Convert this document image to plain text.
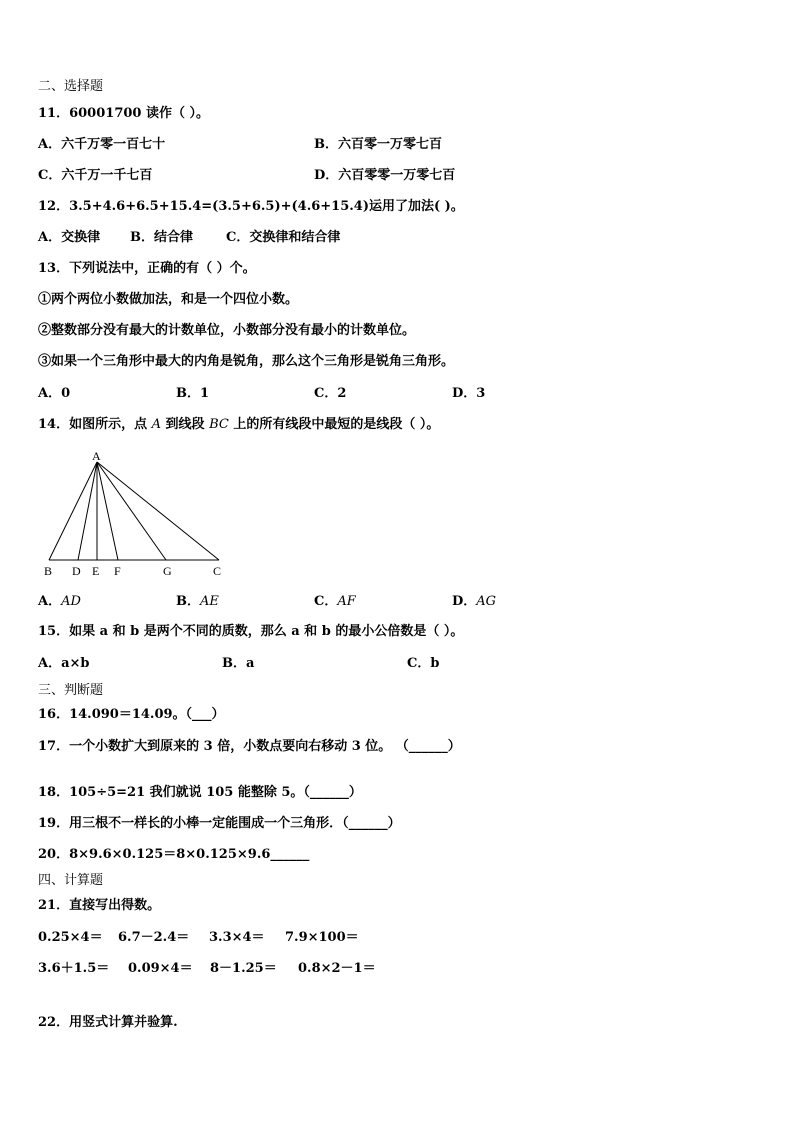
二、选择题
11．60001700 读作（ ）。
A．六千万零一百七十	B．六百零一万零七百
C．六千万一千七百	D．六百零零一万零七百
12．3.5+4.6+6.5+15.4=(3.5+6.5)+(4.6+15.4)运用了加法( )。
A．交换律 B．结合律	C．交换律和结合律
13．下列说法中，正确的有（ ）个。
①两个两位小数做加法，和是一个四位小数。
②整数部分没有最大的计数单位，小数部分没有最小的计数单位。
③如果一个三角形中最大的内角是锐角，那么这个三角形是锐角三角形。
A．0	B．1	C．2	D．3
14．如图所示，点 A 到线段 BC 上的所有线段中最短的是线段（ ）。
A
B D E F	G	C
A．AD	B．AE	C．AF	D．AG
15．如果 a 和 b 是两个不同的质数，那么 a 和 b 的最小公倍数是（ ）。
A．a×b	B．a	C．b
三、判断题
16．14.090＝14.09。（___）
17．一个小数扩大到原来的 3 倍，小数点要向右移动 3 位。 （______）
18．105÷5=21 我们就说 105 能整除 5。（______）
19．用三根不一样长的小棒一定能围成一个三角形．（______）
20．8×9.6×0.125＝8×0.125×9.6______
四、计算题
21．直接写出得数。
0.25×4＝ 6.7－2.4＝ 3.3×4＝ 7.9×100＝
3.6＋1.5＝ 0.09×4＝ 8－1.25＝ 0.8×2－1＝
22．用竖式计算并验算.
